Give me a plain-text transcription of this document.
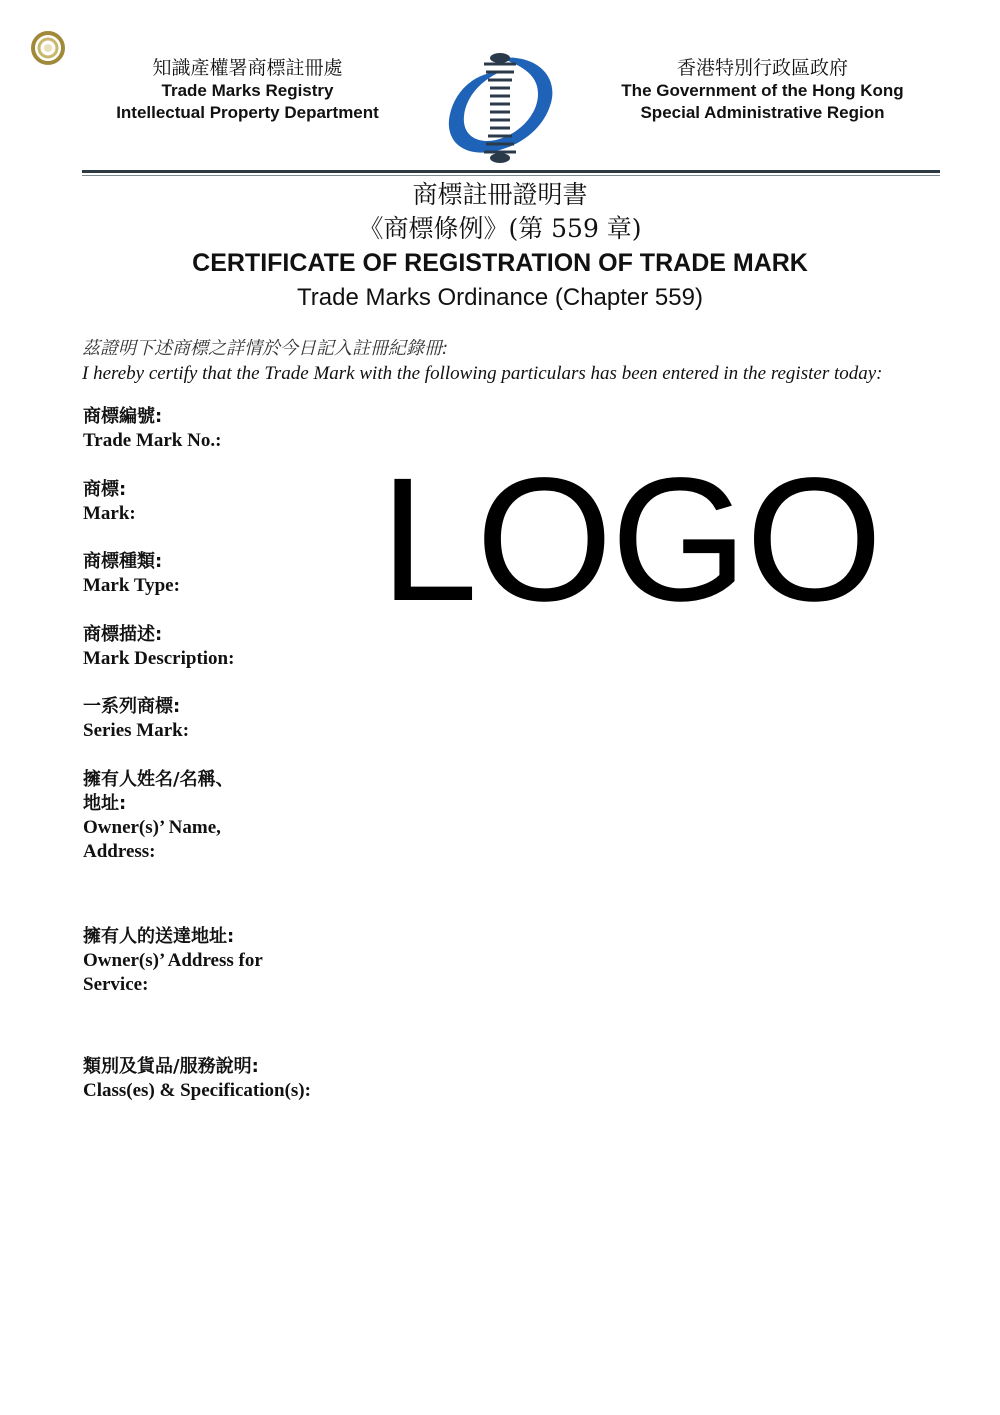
知識產權署商標註冊處
Trade Marks Registry
Intellectual Property Department
香港特別行政區政府
The Government of the Hong Kong
Special Administrative Region
商標註冊證明書
《商標條例》(第 559 章)
CERTIFICATE OF REGISTRATION OF TRADE MARK
Trade Marks Ordinance (Chapter 559)
茲證明下述商標之詳情於今日記入註冊紀錄冊:
I hereby certify that the Trade Mark with the following particulars has been entered in the register today:
商標編號:
Trade Mark No.:
商標:
Mark:
商標種類:
Mark Type:
商標描述:
Mark Description:
一系列商標:
Series Mark:
擁有人姓名/名稱、
地址:
Owner(s)’ Name,
Address:
擁有人的送達地址:
Owner(s)’ Address for
Service:
類別及貨品/服務說明:
Class(es) & Specification(s):
LOGO
